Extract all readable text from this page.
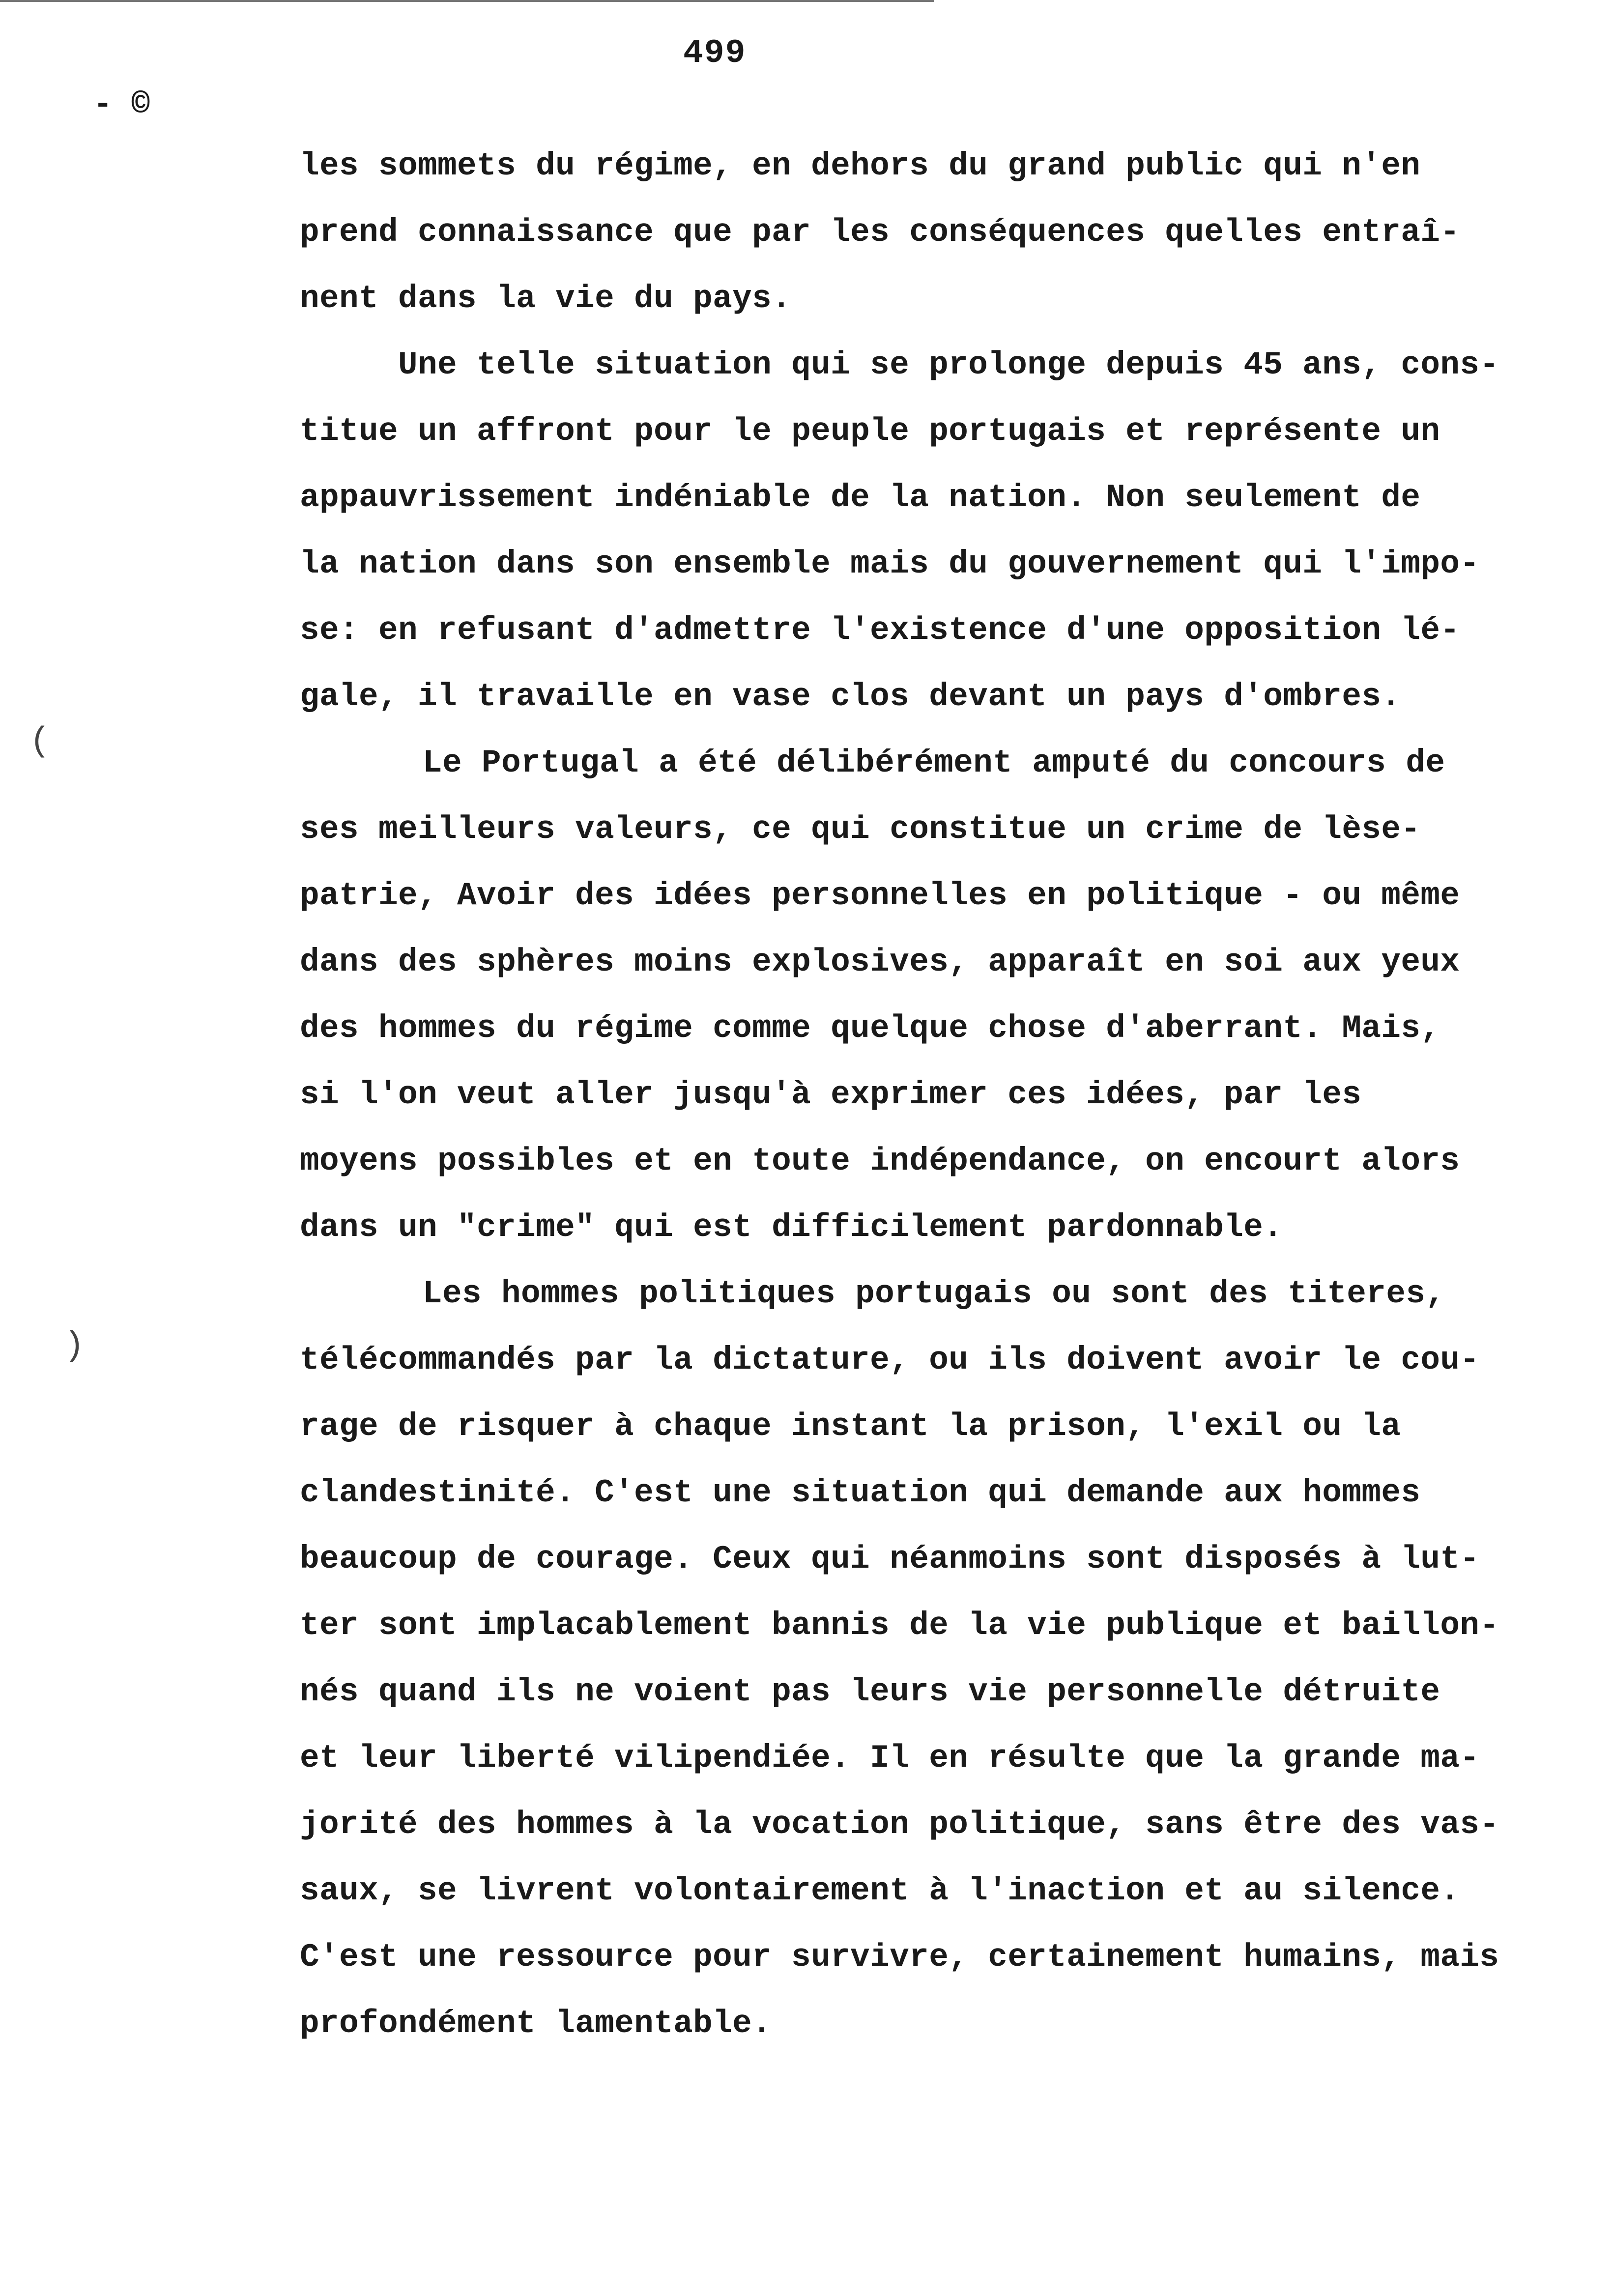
499
- ©
(
)
les sommets du régime, en dehors du grand public qui n'en
prend connaissance que par les conséquences quelles entraî-
nent dans la vie du pays.
Une telle situation qui se prolonge depuis 45 ans, cons-
titue un affront pour le peuple portugais et représente un
appauvrissement indéniable de la nation. Non seulement de
la nation dans son ensemble mais du gouvernement qui l'impo-
se: en refusant d'admettre l'existence d'une opposition lé-
gale, il travaille en vase clos devant un pays d'ombres.
Le Portugal a été délibérément amputé du concours de
ses meilleurs valeurs, ce qui constitue un crime de lèse-
patrie, Avoir des idées personnelles en politique - ou même
dans des sphères moins explosives, apparaît en soi aux yeux
des hommes du régime comme quelque chose d'aberrant. Mais,
si l'on veut aller jusqu'à exprimer ces idées, par les
moyens possibles et en toute indépendance, on encourt alors
dans un "crime" qui est difficilement pardonnable.
Les hommes politiques portugais ou sont des titeres,
télécommandés par la dictature, ou ils doivent avoir le cou-
rage de risquer à chaque instant la prison, l'exil ou la
clandestinité. C'est une situation qui demande aux hommes
beaucoup de courage. Ceux qui néanmoins sont disposés à lut-
ter sont implacablement bannis de la vie publique et baillon-
nés quand ils ne voient pas leurs vie personnelle détruite
et leur liberté vilipendiée. Il en résulte que la grande ma-
jorité des hommes à la vocation politique, sans être des vas-
saux, se livrent volontairement à l'inaction et au silence.
C'est une ressource pour survivre, certainement humains, mais
profondément lamentable.
